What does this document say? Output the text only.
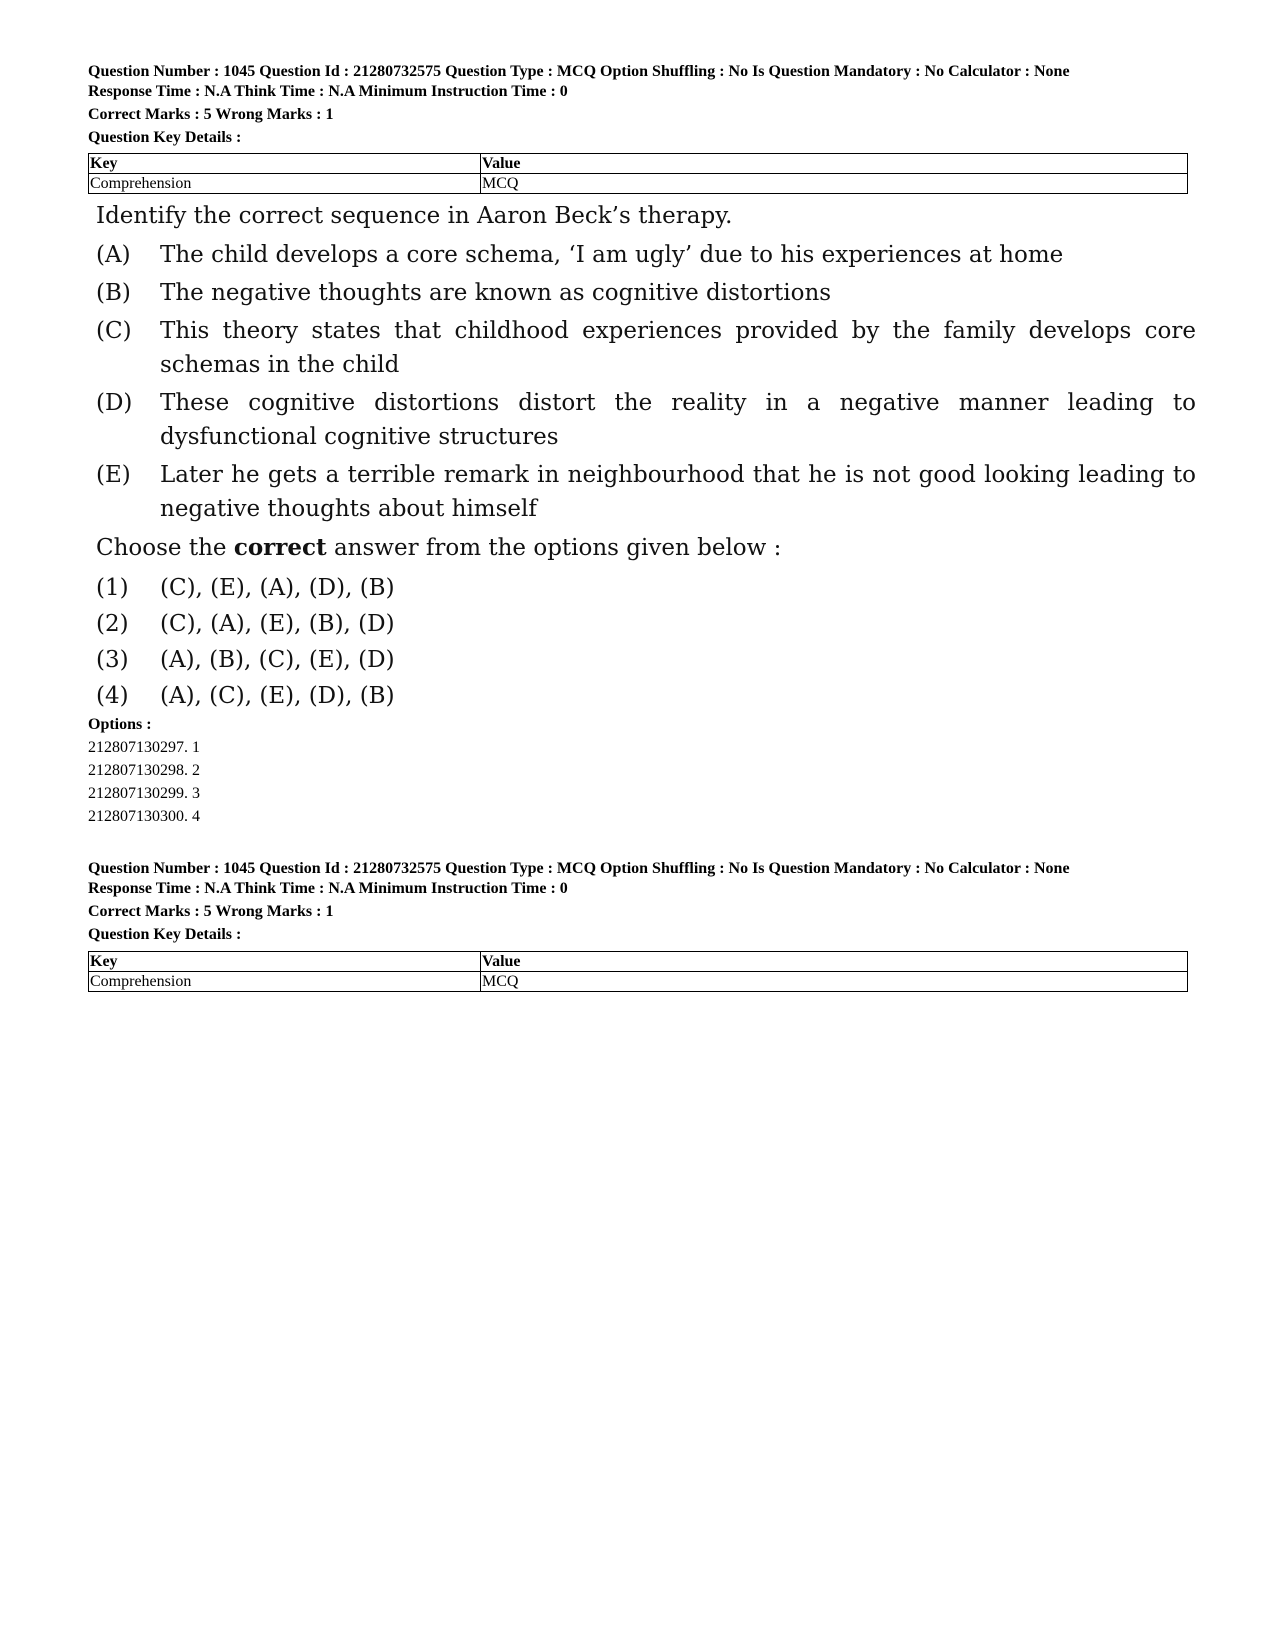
Question Number : 1045 Question Id : 21280732575 Question Type : MCQ Option Shuffling : No Is Question Mandatory : No Calculator : None
Response Time : N.A Think Time : N.A Minimum Instruction Time : 0
Correct Marks : 5 Wrong Marks : 1
Question Key Details :
Key	Value
Comprehension	MCQ
Identify the correct sequence in Aaron Beck’s therapy.
(A)	The child develops a core schema, ‘I am ugly’ due to his experiences at home
(B)	The negative thoughts are known as cognitive distortions
(C)	This theory states that childhood experiences provided by the family develops core schemas in the child
(D)	These cognitive distortions distort the reality in a negative manner leading to dysfunctional cognitive structures
(E)	Later he gets a terrible remark in neighbourhood that he is not good looking leading to negative thoughts about himself
Choose the correct answer from the options given below :
(1)	(C), (E), (A), (D), (B)
(2)	(C), (A), (E), (B), (D)
(3)	(A), (B), (C), (E), (D)
(4)	(A), (C), (E), (D), (B)
Options :
212807130297. 1
212807130298. 2
212807130299. 3
212807130300. 4
Question Number : 1045 Question Id : 21280732575 Question Type : MCQ Option Shuffling : No Is Question Mandatory : No Calculator : None
Response Time : N.A Think Time : N.A Minimum Instruction Time : 0
Correct Marks : 5 Wrong Marks : 1
Question Key Details :
Key	Value
Comprehension	MCQ
